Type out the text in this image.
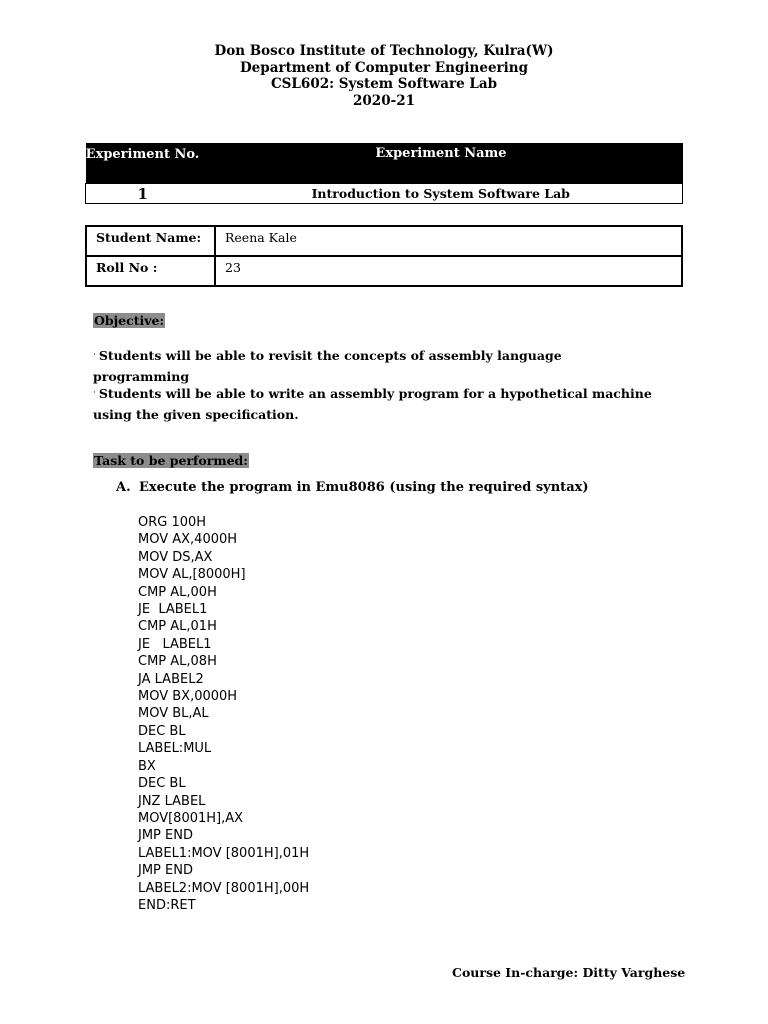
Don Bosco Institute of Technology, Kulra(W)
Department of Computer Engineering
CSL602: System Software Lab
2020-21
Experiment No.	Experiment Name
1	Introduction to System Software Lab
Student Name:	Reena Kale
Roll No :	23
Objective:
· Students will be able to revisit the concepts of assembly language programming
· Students will be able to write an assembly program for a hypothetical machine using the given specification.
Task to be performed:
A. Execute the program in Emu8086 (using the required syntax)
ORG 100H
MOV AX,4000H
MOV DS,AX
MOV AL,[8000H]
CMP AL,00H
JE  LABEL1
CMP AL,01H
JE   LABEL1
CMP AL,08H
JA LABEL2
MOV BX,0000H
MOV BL,AL
DEC BL
LABEL:MUL
BX
DEC BL
JNZ LABEL
MOV[8001H],AX
JMP END
LABEL1:MOV [8001H],01H
JMP END
LABEL2:MOV [8001H],00H
END:RET
Course In-charge: Ditty Varghese
